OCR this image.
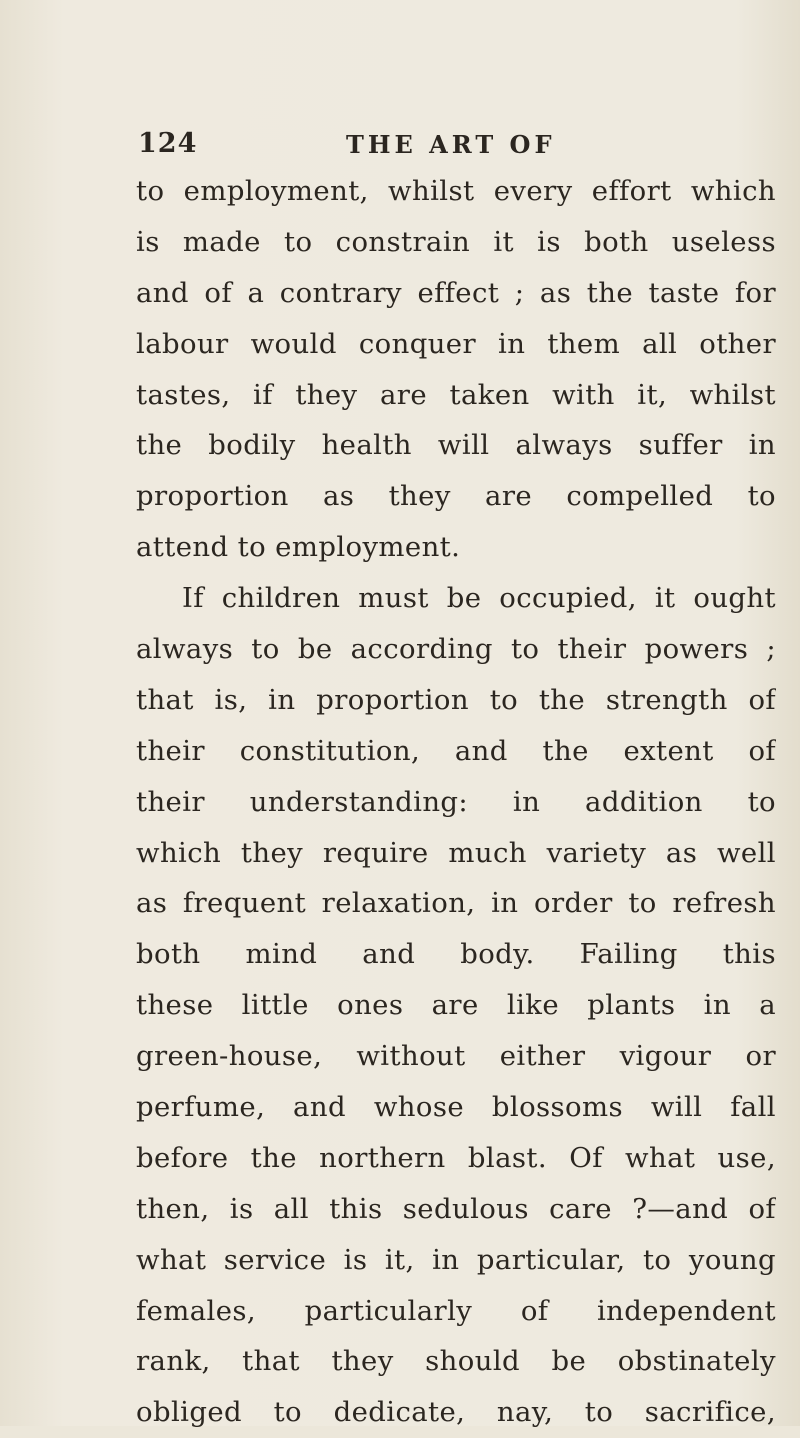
124	THE ART OF
to employment, whilst every effort which
is made to constrain it is both useless
and of a contrary effect ; as the taste for
labour would conquer in them all other
tastes, if they are taken with it, whilst
the bodily health will always suffer in
proportion as they are compelled to
attend to employment.
If children must be occupied, it ought
always to be according to their powers ;
that is, in proportion to the strength of
their constitution, and the extent of
their understanding: in addition to
which they require much variety as well
as frequent relaxation, in order to refresh
both mind and body. Failing this
these little ones are like plants in a
green-house, without either vigour or
perfume, and whose blossoms will fall
before the northern blast. Of what use,
then, is all this sedulous care ?—and of
what service is it, in particular, to young
females, particularly of independent
rank, that they should be obstinately
obliged to dedicate, nay, to sacrifice,
